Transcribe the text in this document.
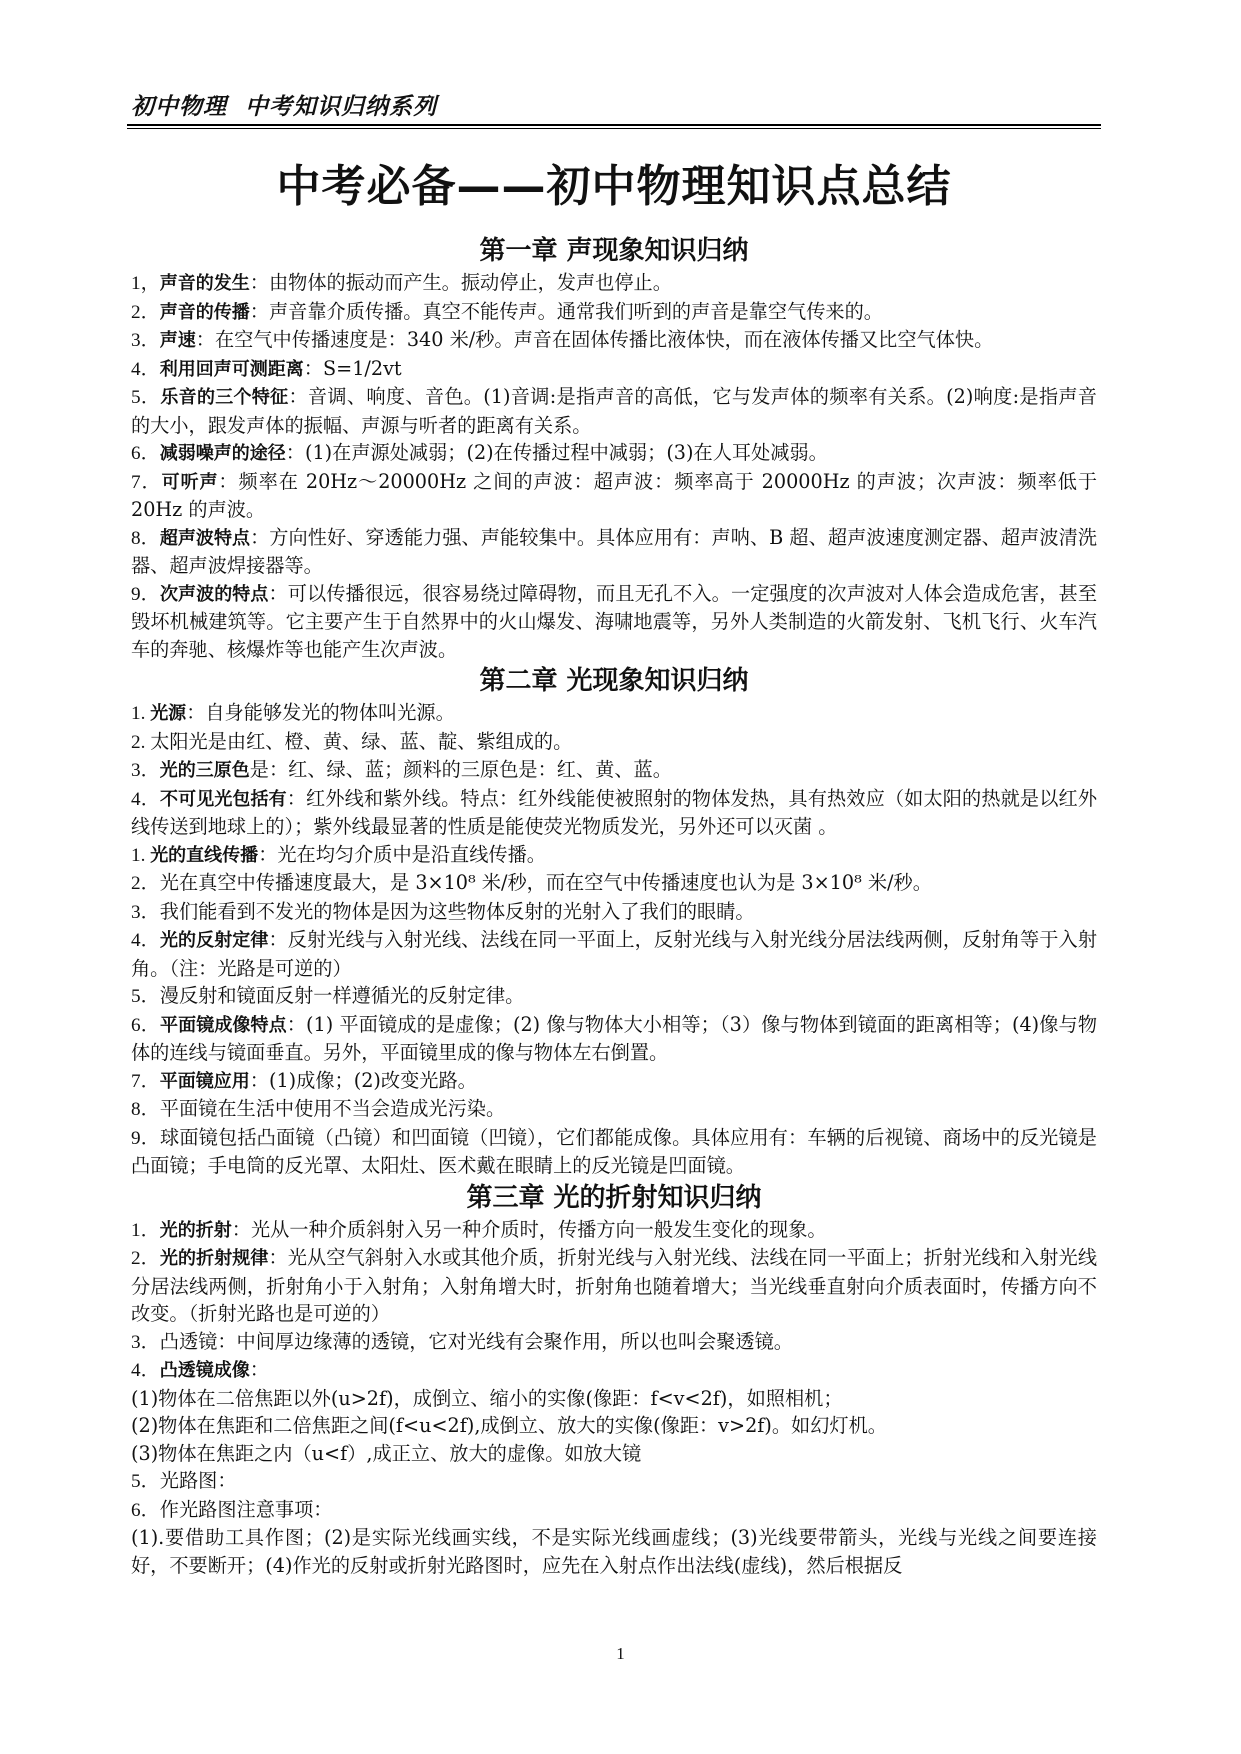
初中物理  中考知识归纳系列
中考必备——初中物理知识点总结
第一章 声现象知识归纳
1，声音的发生：由物体的振动而产生。振动停止，发声也停止。
2．声音的传播：声音靠介质传播。真空不能传声。通常我们听到的声音是靠空气传来的。
3．声速：在空气中传播速度是：340 米/秒。声音在固体传播比液体快，而在液体传播又比空气体快。
4．利用回声可测距离：S=1/2vt
5．乐音的三个特征：音调、响度、音色。(1)音调:是指声音的高低，它与发声体的频率有关系。(2)响度:是指声音的大小，跟发声体的振幅、声源与听者的距离有关系。
6．减弱噪声的途径：(1)在声源处减弱；(2)在传播过程中减弱；(3)在人耳处减弱。
7．可听声：频率在 20Hz～20000Hz 之间的声波：超声波：频率高于 20000Hz 的声波；次声波：频率低于 20Hz 的声波。
8．超声波特点：方向性好、穿透能力强、声能较集中。具体应用有：声呐、B 超、超声波速度测定器、超声波清洗器、超声波焊接器等。
9．次声波的特点：可以传播很远，很容易绕过障碍物，而且无孔不入。一定强度的次声波对人体会造成危害，甚至毁坏机械建筑等。它主要产生于自然界中的火山爆发、海啸地震等，另外人类制造的火箭发射、飞机飞行、火车汽车的奔驰、核爆炸等也能产生次声波。
第二章 光现象知识归纳
1. 光源：自身能够发光的物体叫光源。
2. 太阳光是由红、橙、黄、绿、蓝、靛、紫组成的。
3．光的三原色是：红、绿、蓝；颜料的三原色是：红、黄、蓝。
4．不可见光包括有：红外线和紫外线。特点：红外线能使被照射的物体发热，具有热效应（如太阳的热就是以红外线传送到地球上的）；紫外线最显著的性质是能使荧光物质发光，另外还可以灭菌 。
1. 光的直线传播：光在均匀介质中是沿直线传播。
2．光在真空中传播速度最大，是 3×10⁸ 米/秒，而在空气中传播速度也认为是 3×10⁸ 米/秒。
3．我们能看到不发光的物体是因为这些物体反射的光射入了我们的眼睛。
4．光的反射定律：反射光线与入射光线、法线在同一平面上，反射光线与入射光线分居法线两侧，反射角等于入射角。（注：光路是可逆的）
5．漫反射和镜面反射一样遵循光的反射定律。
6．平面镜成像特点：(1) 平面镜成的是虚像；(2) 像与物体大小相等；（3）像与物体到镜面的距离相等；(4)像与物体的连线与镜面垂直。另外，平面镜里成的像与物体左右倒置。
7．平面镜应用：(1)成像；(2)改变光路。
8．平面镜在生活中使用不当会造成光污染。
9．球面镜包括凸面镜（凸镜）和凹面镜（凹镜），它们都能成像。具体应用有：车辆的后视镜、商场中的反光镜是凸面镜；手电筒的反光罩、太阳灶、医术戴在眼睛上的反光镜是凹面镜。
第三章 光的折射知识归纳
1．光的折射：光从一种介质斜射入另一种介质时，传播方向一般发生变化的现象。
2．光的折射规律：光从空气斜射入水或其他介质，折射光线与入射光线、法线在同一平面上；折射光线和入射光线分居法线两侧，折射角小于入射角；入射角增大时，折射角也随着增大；当光线垂直射向介质表面时，传播方向不改变。（折射光路也是可逆的）
3．凸透镜：中间厚边缘薄的透镜，它对光线有会聚作用，所以也叫会聚透镜。
4．凸透镜成像：
(1)物体在二倍焦距以外(u>2f)，成倒立、缩小的实像(像距：f<v<2f)，如照相机；
(2)物体在焦距和二倍焦距之间(f<u<2f),成倒立、放大的实像(像距：v>2f)。如幻灯机。
(3)物体在焦距之内（u<f）,成正立、放大的虚像。如放大镜
5．光路图：
6．作光路图注意事项：
(1).要借助工具作图；(2)是实际光线画实线，不是实际光线画虚线；(3)光线要带箭头，光线与光线之间要连接好，不要断开；(4)作光的反射或折射光路图时，应先在入射点作出法线(虚线)，然后根据反
1
